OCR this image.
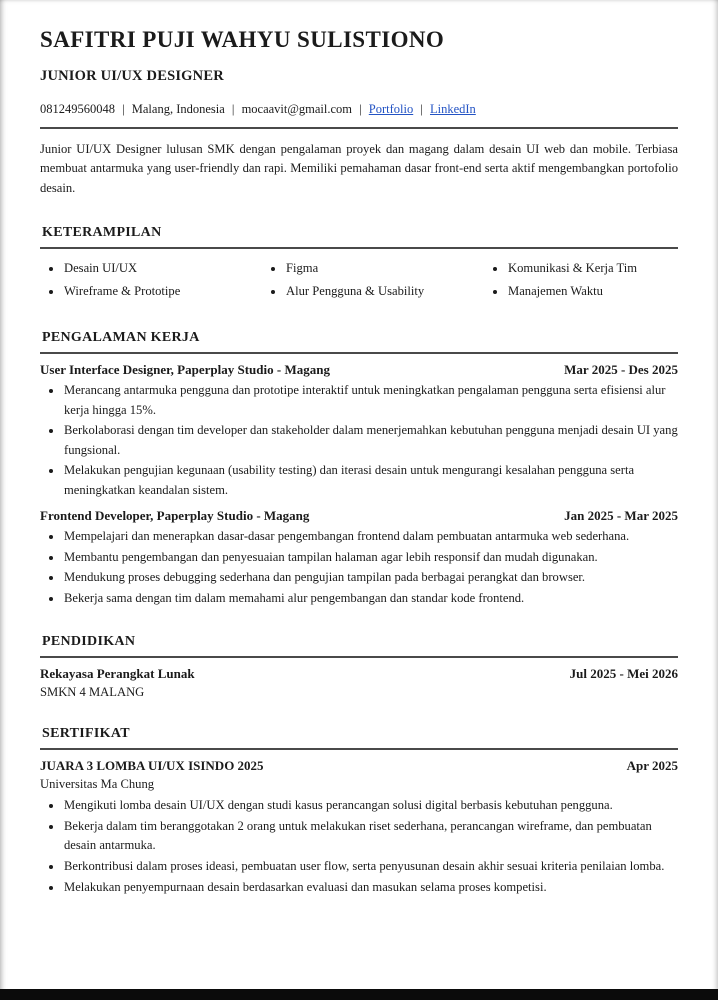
SAFITRI PUJI WAHYU SULISTIONO
JUNIOR UI/UX DESIGNER
081249560048 | Malang, Indonesia | mocaavit@gmail.com | Portfolio | LinkedIn

Junior UI/UX Designer lulusan SMK dengan pengalaman proyek dan magang dalam desain UI web dan mobile. Terbiasa membuat antarmuka yang user-friendly dan rapi. Memiliki pemahaman dasar front-end serta aktif mengembangkan portofolio desain.

KETERAMPILAN
• Desain UI/UX
• Wireframe & Prototipe
• Figma
• Alur Pengguna & Usability
• Komunikasi & Kerja Tim
• Manajemen Waktu
PENGALAMAN KERJA
User Interface Designer, Paperplay Studio - Magang	Mar 2025 - Des 2025
• Merancang antarmuka pengguna dan prototipe interaktif untuk meningkatkan pengalaman pengguna serta efisiensi alur kerja hingga 15%.
• Berkolaborasi dengan tim developer dan stakeholder dalam menerjemahkan kebutuhan pengguna menjadi desain UI yang fungsional.
• Melakukan pengujian kegunaan (usability testing) dan iterasi desain untuk mengurangi kesalahan pengguna serta meningkatkan keandalan sistem.
Frontend Developer, Paperplay Studio - Magang	Jan 2025 - Mar 2025
• Mempelajari dan menerapkan dasar-dasar pengembangan frontend dalam pembuatan antarmuka web sederhana.
• Membantu pengembangan dan penyesuaian tampilan halaman agar lebih responsif dan mudah digunakan.
• Mendukung proses debugging sederhana dan pengujian tampilan pada berbagai perangkat dan browser.
• Bekerja sama dengan tim dalam memahami alur pengembangan dan standar kode frontend.
PENDIDIKAN
Rekayasa Perangkat Lunak	Jul 2025 - Mei 2026
SMKN 4 MALANG
SERTIFIKAT
JUARA 3 LOMBA UI/UX ISINDO 2025	Apr 2025
Universitas Ma Chung
• Mengikuti lomba desain UI/UX dengan studi kasus perancangan solusi digital berbasis kebutuhan pengguna.
• Bekerja dalam tim beranggotakan 2 orang untuk melakukan riset sederhana, perancangan wireframe, dan pembuatan desain antarmuka.
• Berkontribusi dalam proses ideasi, pembuatan user flow, serta penyusunan desain akhir sesuai kriteria penilaian lomba.
• Melakukan penyempurnaan desain berdasarkan evaluasi dan masukan selama proses kompetisi.
